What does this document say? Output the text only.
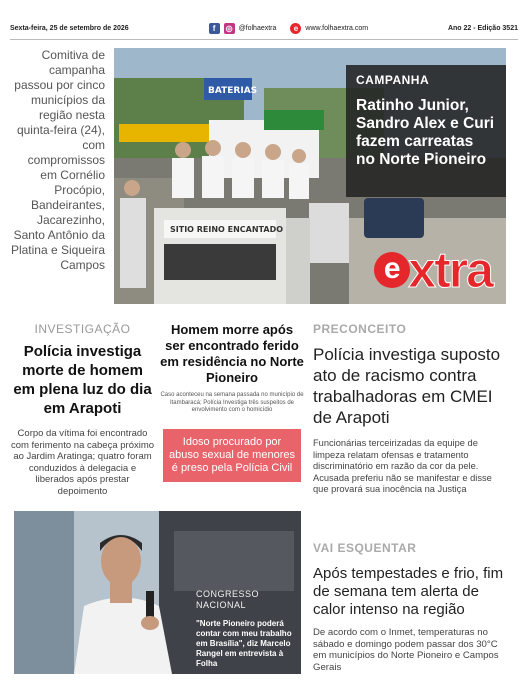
Sexta-feira, 25 de setembro de 2026	f	◎ @folhaextra	e	www.folhaextra.com	Ano 22 - Edição 3521
Comitiva de campanha passou por cinco municípios da região nesta quinta-feira (24), com compromissos em Cornélio Procópio, Bandeirantes, Jacarezinho, Santo Antônio da Platina e Siqueira Campos
BATERIAS
SITIO REINO ENCANTADO
CAMPANHA
Ratinho Junior, Sandro Alex e Curi fazem carreatas no Norte Pioneiro
e xtra
INVESTIGAÇÃO
Polícia investiga morte de homem em plena luz do dia em Arapoti
Corpo da vítima foi encontrado com ferimento na cabeça próximo ao Jardim Aratinga; quatro foram conduzidos à delegacia e liberados após prestar depoimento
Homem morre após ser encontrado ferido em residência no Norte Pioneiro
Caso aconteceu na semana passada no município de Itambaracá; Polícia Investiga três suspeitos de envolvimento com o homicídio
Idoso procurado por abuso sexual de menores é preso pela Polícia Civil
PRECONCEITO
Polícia investiga suposto ato de racismo contra trabalhadoras em CMEI de Arapoti
Funcionárias terceirizadas da equipe de limpeza relatam ofensas e tratamento discriminatório em razão da cor da pele. Acusada preferiu não se manifestar e disse que provará sua inocência na Justiça
CONGRESSO NACIONAL
"Norte Pioneiro poderá contar com meu trabalho em Brasília", diz Marcelo Rangel em entrevista à Folha
VAI ESQUENTAR
Após tempestades e frio, fim de semana tem alerta de calor intenso na região
De acordo com o Inmet, temperaturas no sábado e domingo podem passar dos 30°C em municípios do Norte Pioneiro e Campos Gerais
